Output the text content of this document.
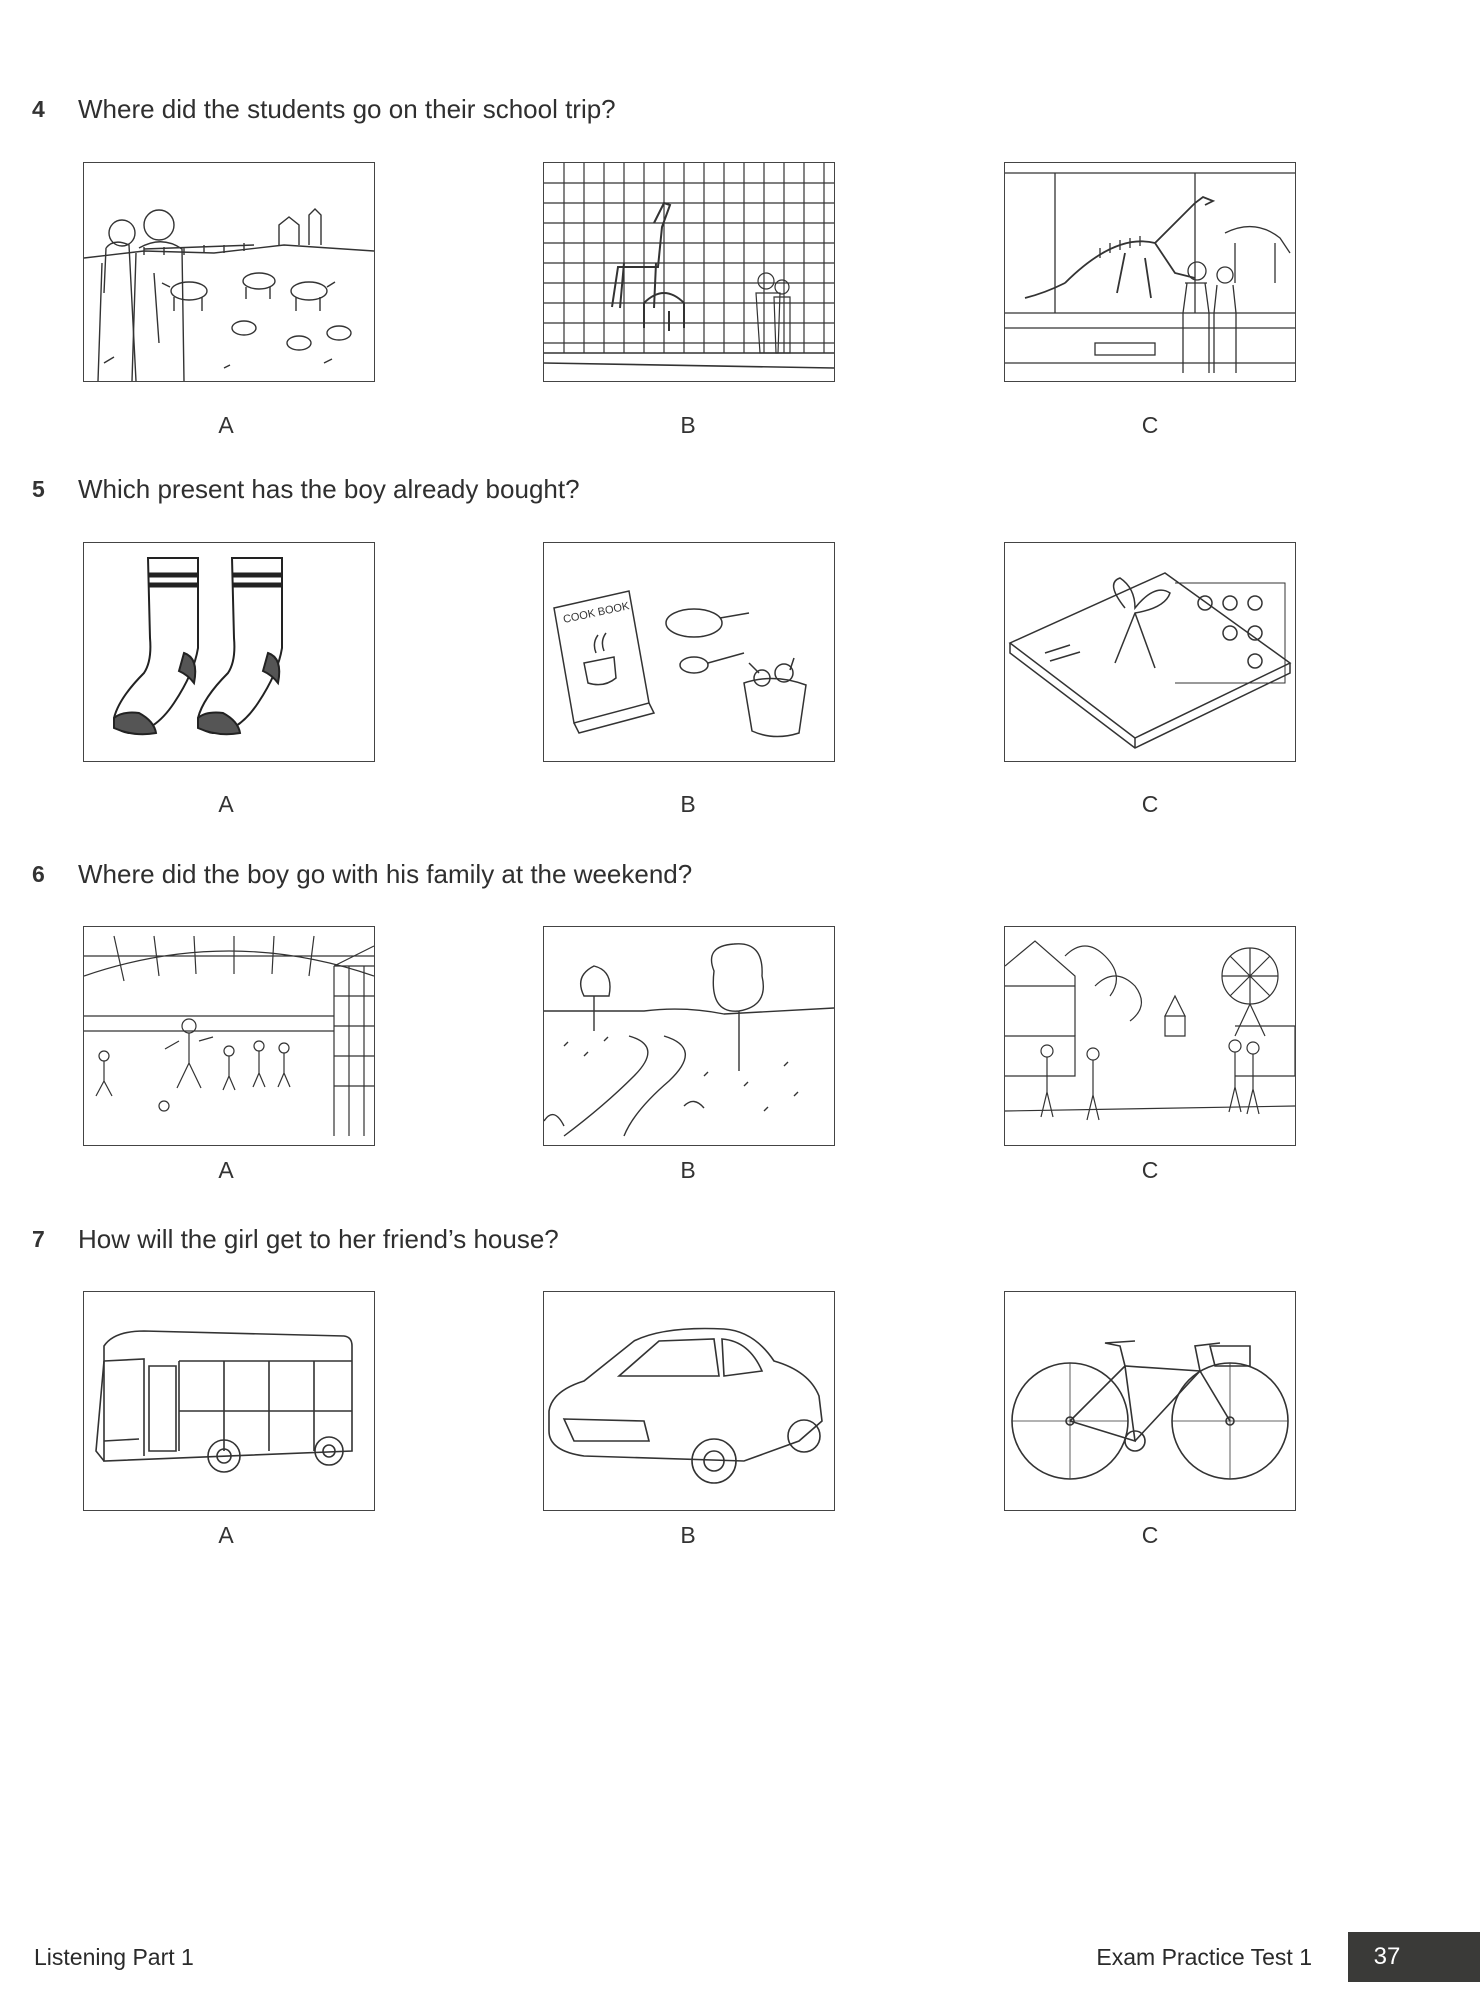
4 Where did the students go on their school trip?
A	B	C
5 Which present has the boy already bought?
COOK BOOK
A	B	C
6 Where did the boy go with his family at the weekend?
A	B	C
7 How will the girl get to her friend’s house?
A	B	C
Listening Part 1	Exam Practice Test 1	37
